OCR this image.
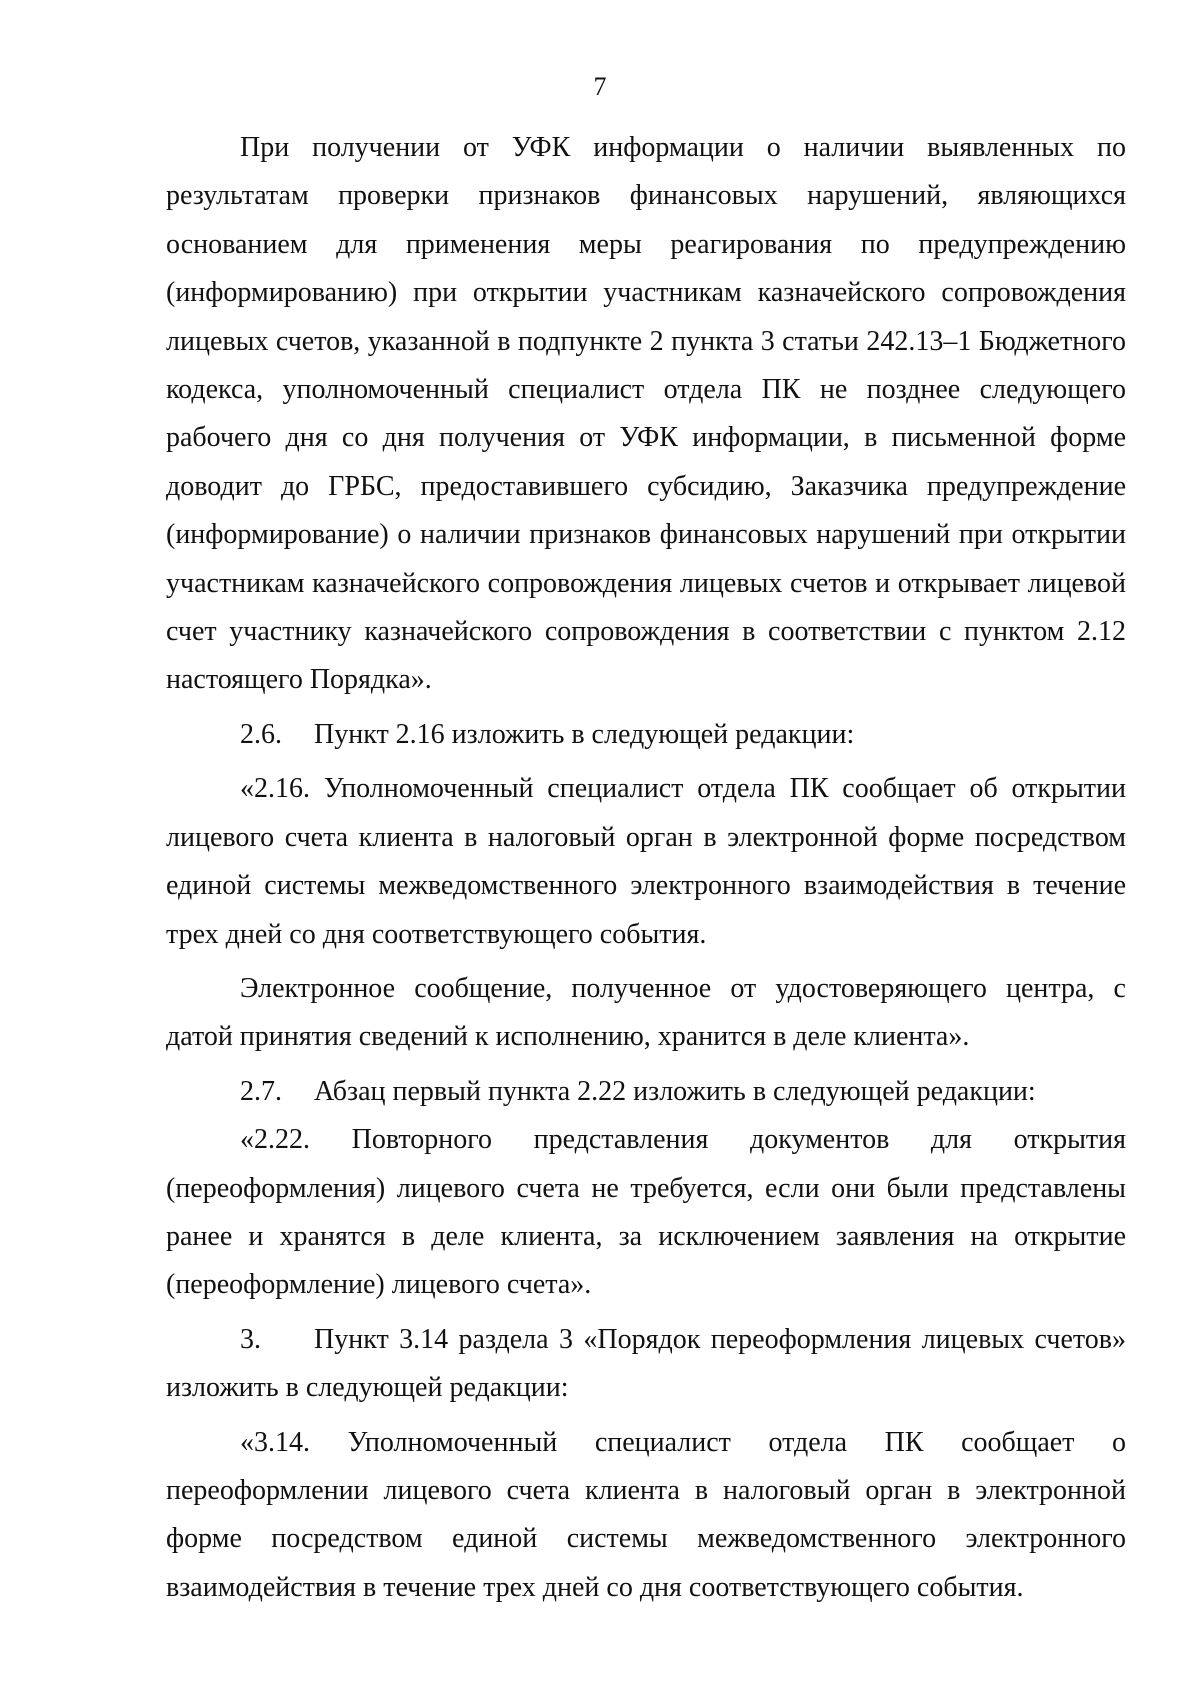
7

При получении от УФК информации о наличии выявленных по результатам проверки признаков финансовых нарушений, являющихся основанием для применения меры реагирования по предупреждению (информированию) при открытии участникам казначейского сопровождения лицевых счетов, указанной в подпункте 2 пункта 3 статьи 242.13–1 Бюджетного кодекса, уполномоченный специалист отдела ПК не позднее следующего рабочего дня со дня получения от УФК информации, в письменной форме доводит до ГРБС, предоставившего субсидию, Заказчика предупреждение (информирование) о наличии признаков финансовых нарушений при открытии участникам казначейского сопровождения лицевых счетов и открывает лицевой счет участнику казначейского сопровождения в соответствии с пунктом 2.12 настоящего Порядка».

2.6. Пункт 2.16 изложить в следующей редакции:

«2.16. Уполномоченный специалист отдела ПК сообщает об открытии лицевого счета клиента в налоговый орган в электронной форме посредством единой системы межведомственного электронного взаимодействия в течение трех дней со дня соответствующего события.

Электронное сообщение, полученное от удостоверяющего центра, с датой принятия сведений к исполнению, хранится в деле клиента».

2.7. Абзац первый пункта 2.22 изложить в следующей редакции:

«2.22. Повторного представления документов для открытия (переоформления) лицевого счета не требуется, если они были представлены ранее и хранятся в деле клиента, за исключением заявления на открытие (переоформление) лицевого счета».

3. Пункт 3.14 раздела 3 «Порядок переоформления лицевых счетов» изложить в следующей редакции:

«3.14. Уполномоченный специалист отдела ПК сообщает о переоформлении лицевого счета клиента в налоговый орган в электронной форме посредством единой системы межведомственного электронного взаимодействия в течение трех дней со дня соответствующего события.
